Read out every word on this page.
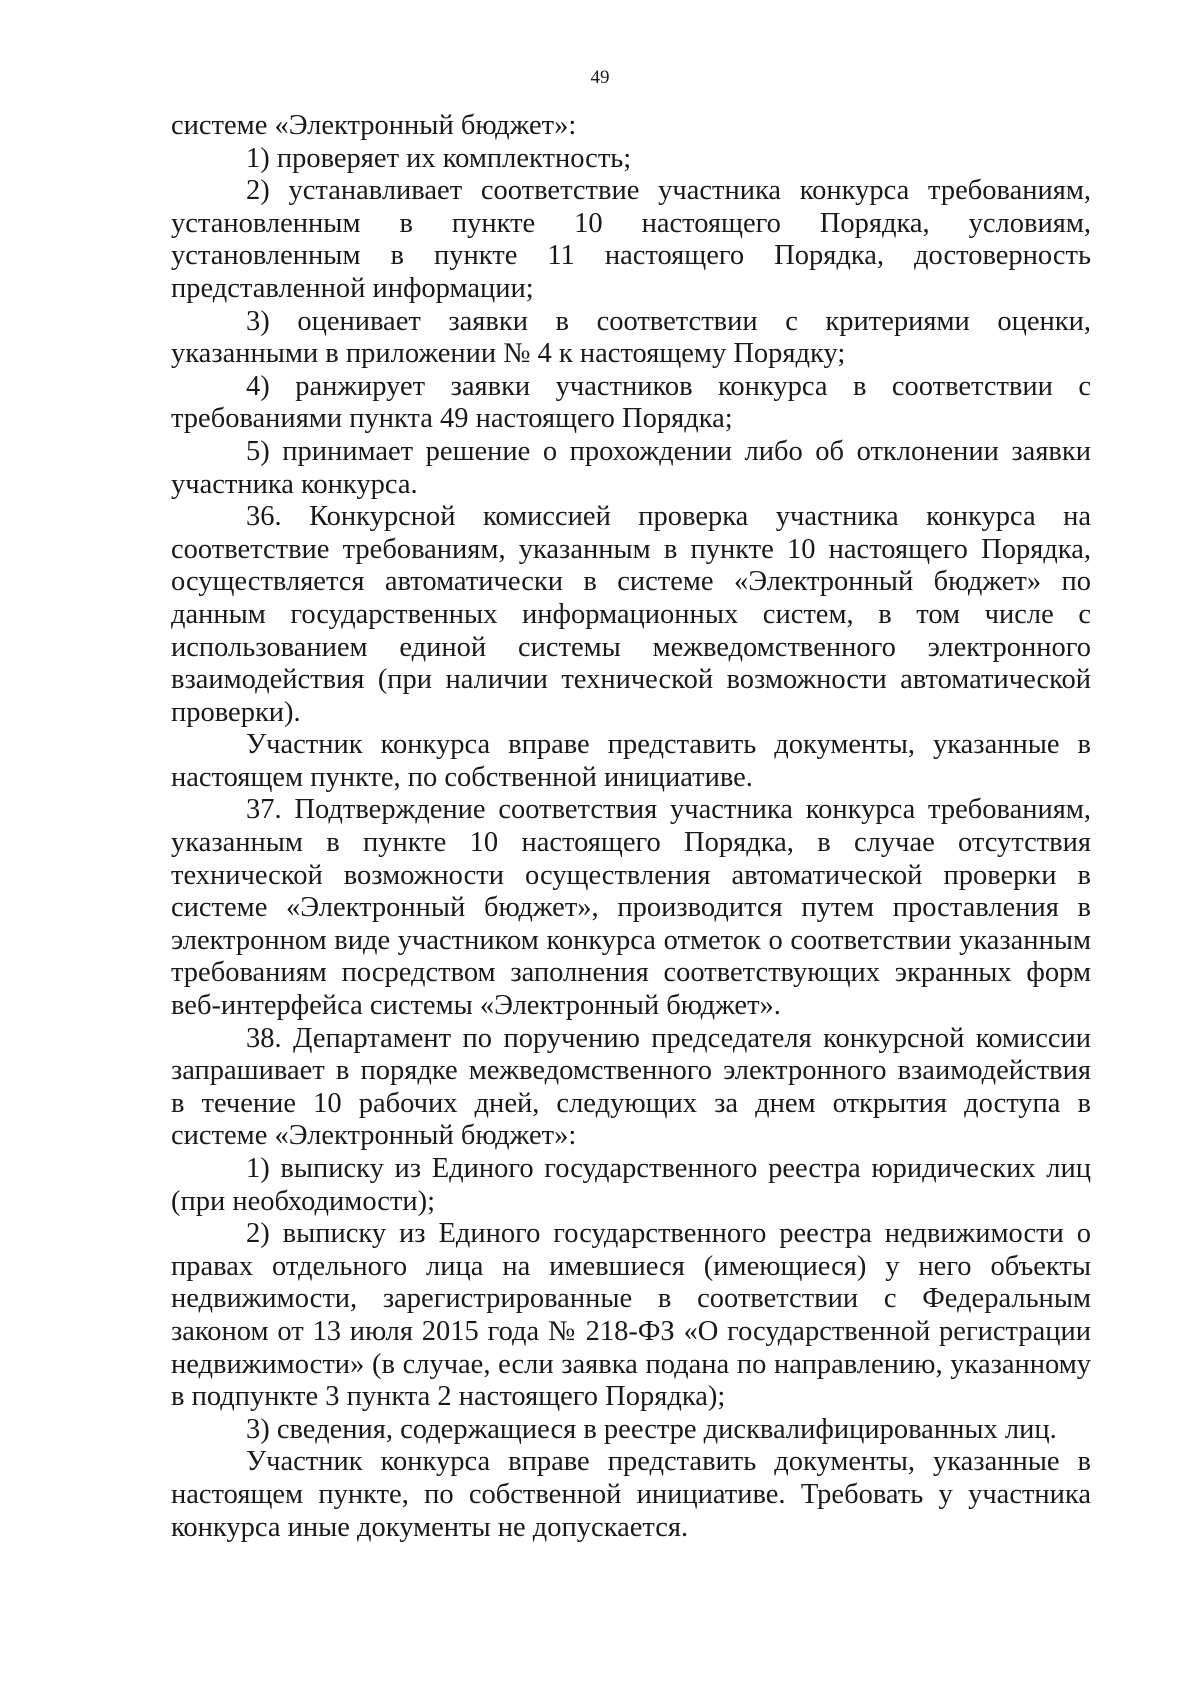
49

системе «Электронный бюджет»:

1) проверяет их комплектность;

2) устанавливает соответствие участника конкурса требованиям, установленным в пункте 10 настоящего Порядка, условиям, установленным в пункте 11 настоящего Порядка, достоверность представленной информации;

3) оценивает заявки в соответствии с критериями оценки, указанными в приложении № 4 к настоящему Порядку;

4) ранжирует заявки участников конкурса в соответствии с требованиями пункта 49 настоящего Порядка;

5) принимает решение о прохождении либо об отклонении заявки участника конкурса.

36. Конкурсной комиссией проверка участника конкурса на соответствие требованиям, указанным в пункте 10 настоящего Порядка, осуществляется автоматически в системе «Электронный бюджет» по данным государственных информационных систем, в том числе с использованием единой системы межведомственного электронного взаимодействия (при наличии технической возможности автоматической проверки).

Участник конкурса вправе представить документы, указанные в настоящем пункте, по собственной инициативе.

37. Подтверждение соответствия участника конкурса требованиям, указанным в пункте 10 настоящего Порядка, в случае отсутствия технической возможности осуществления автоматической проверки в системе «Электронный бюджет», производится путем проставления в электронном виде участником конкурса отметок о соответствии указанным требованиям посредством заполнения соответствующих экранных форм веб-интерфейса системы «Электронный бюджет».

38. Департамент по поручению председателя конкурсной комиссии запрашивает в порядке межведомственного электронного взаимодействия в течение 10 рабочих дней, следующих за днем открытия доступа в системе «Электронный бюджет»:

1) выписку из Единого государственного реестра юридических лиц (при необходимости);

2) выписку из Единого государственного реестра недвижимости о правах отдельного лица на имевшиеся (имеющиеся) у него объекты недвижимости, зарегистрированные в соответствии с Федеральным законом от 13 июля 2015 года № 218-ФЗ «О государственной регистрации недвижимости» (в случае, если заявка подана по направлению, указанному в подпункте 3 пункта 2 настоящего Порядка);

3) сведения, содержащиеся в реестре дисквалифицированных лиц.

Участник конкурса вправе представить документы, указанные в настоящем пункте, по собственной инициативе. Требовать у участника конкурса иные документы не допускается.
